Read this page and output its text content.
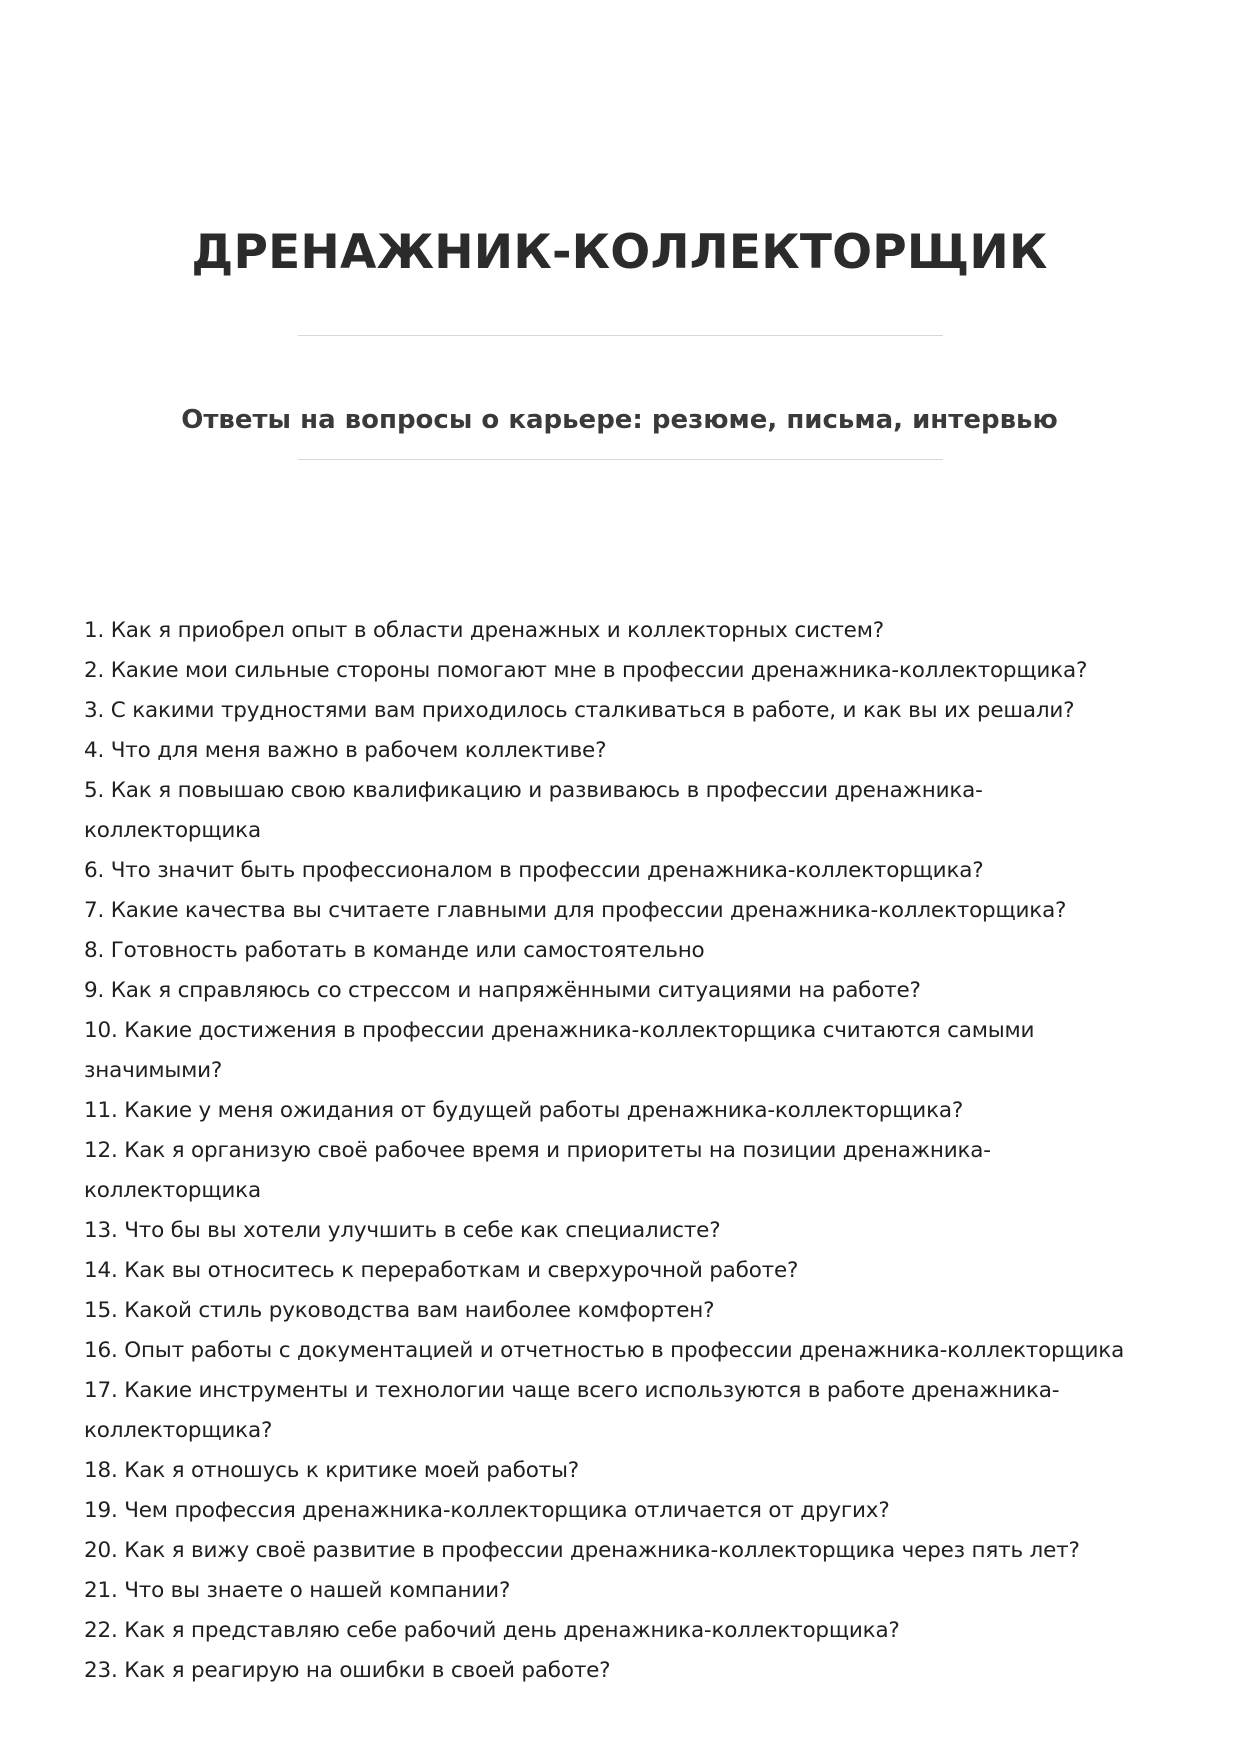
ДРЕНАЖНИК-КОЛЛЕКТОРЩИК
Ответы на вопросы о карьере: резюме, письма, интервью
1. Как я приобрел опыт в области дренажных и коллекторных систем?
2. Какие мои сильные стороны помогают мне в профессии дренажника-коллекторщика?
3. С какими трудностями вам приходилось сталкиваться в работе, и как вы их решали?
4. Что для меня важно в рабочем коллективе?
5. Как я повышаю свою квалификацию и развиваюсь в профессии дренажника-
коллекторщика
6. Что значит быть профессионалом в профессии дренажника-коллекторщика?
7. Какие качества вы считаете главными для профессии дренажника-коллекторщика?
8. Готовность работать в команде или самостоятельно
9. Как я справляюсь со стрессом и напряжёнными ситуациями на работе?
10. Какие достижения в профессии дренажника-коллекторщика считаются самыми
значимыми?
11. Какие у меня ожидания от будущей работы дренажника-коллекторщика?
12. Как я организую своё рабочее время и приоритеты на позиции дренажника-
коллекторщика
13. Что бы вы хотели улучшить в себе как специалисте?
14. Как вы относитесь к переработкам и сверхурочной работе?
15. Какой стиль руководства вам наиболее комфортен?
16. Опыт работы с документацией и отчетностью в профессии дренажника-коллекторщика
17. Какие инструменты и технологии чаще всего используются в работе дренажника-
коллекторщика?
18. Как я отношусь к критике моей работы?
19. Чем профессия дренажника-коллекторщика отличается от других?
20. Как я вижу своё развитие в профессии дренажника-коллекторщика через пять лет?
21. Что вы знаете о нашей компании?
22. Как я представляю себе рабочий день дренажника-коллекторщика?
23. Как я реагирую на ошибки в своей работе?
